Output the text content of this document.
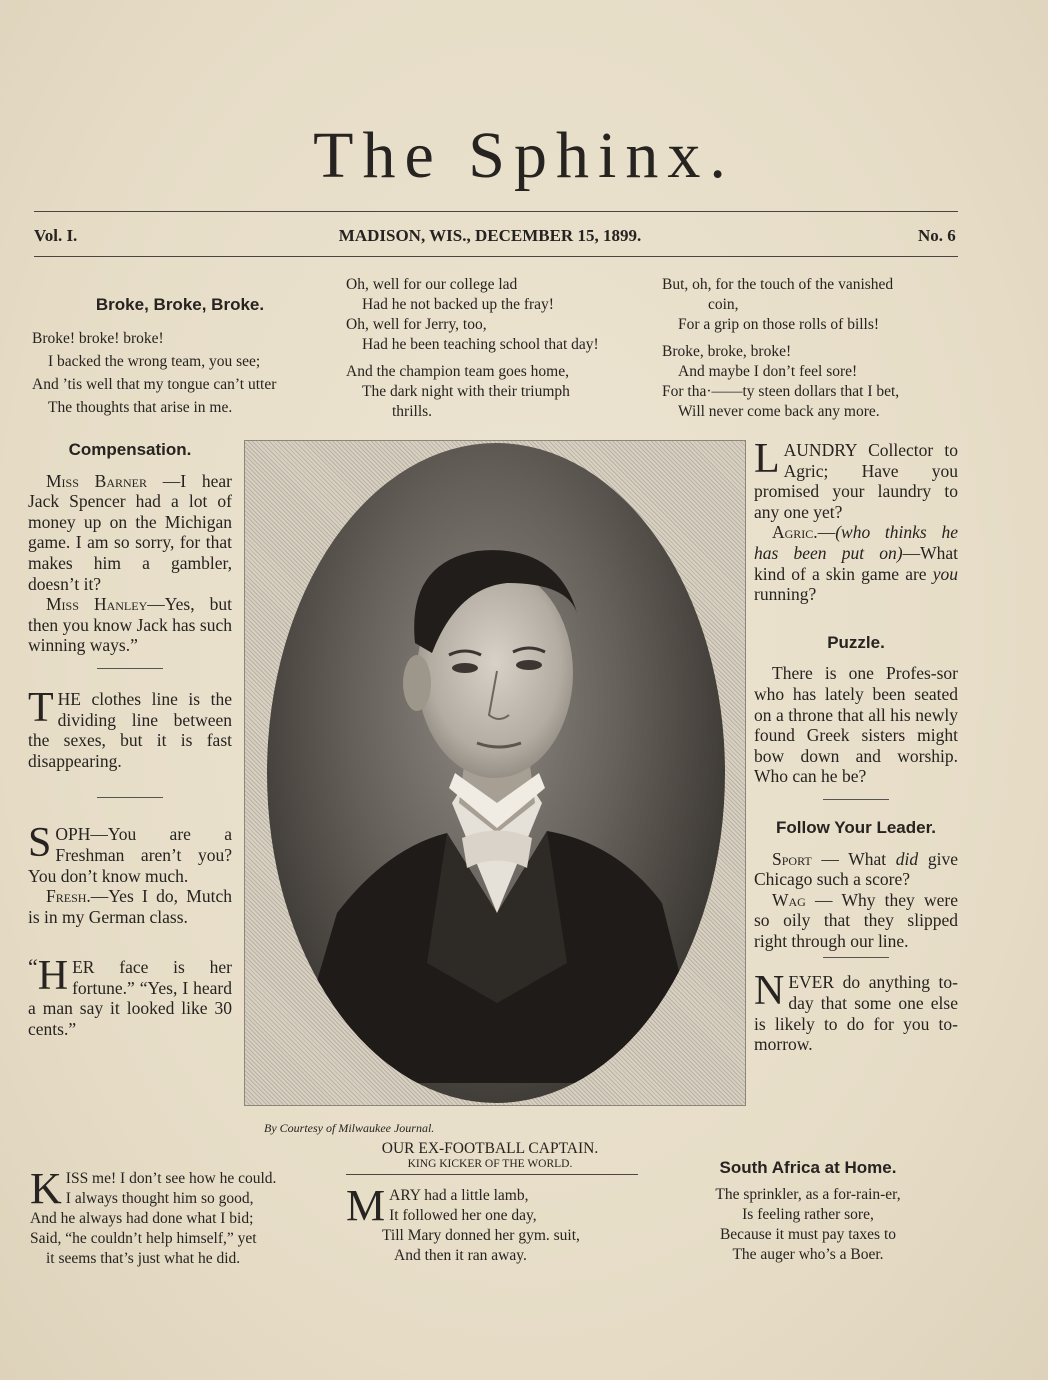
The Sphinx.
Vol. I.	MADISON, WIS., DECEMBER 15, 1899.	No. 6
Broke, Broke, Broke.
Broke! broke! broke!
I backed the wrong team, you see;
And ’tis well that my tongue can’t utter
The thoughts that arise in me.
Oh, well for our college lad
Had he not backed up the fray!
Oh, well for Jerry, too,
Had he been teaching school that day!
And the champion team goes home,
The dark night with their triumph
thrills.
But, oh, for the touch of the vanished
coin,
For a grip on those rolls of bills!
Broke, broke, broke!
And maybe I don’t feel sore!
For tha·——ty steen dollars that I bet,
Will never come back any more.
Compensation.

Miss Barner —I hear Jack Spencer had a lot of money up on the Michigan game. I am so sorry, for that makes him a gambler, doesn’t it?

Miss Hanley—Yes, but then you know Jack has such winning ways.”

THE clothes line is the dividing line between the sexes, but it is fast disappearing.

SOPH—You are a Freshman aren’t you? You don’t know much.

Fresh.—Yes I do, Mutch is in my German class.

“ H ER face is her fortune.” “Yes, I heard a man say it looked like 30 cents.”

By Courtesy of Milwaukee Journal.
OUR EX-FOOTBALL CAPTAIN.
KING KICKER OF THE WORLD.
K ISS me! I don’t see how he could.
I always thought him so good,
And he always had done what I bid;
Said, “he couldn’t help himself,” yet
it seems that’s just what he did.
M ARY had a little lamb,
It followed her one day,
Till Mary donned her gym. suit,
And then it ran away.

LAUNDRY Collector to Agric; Have you promised your laundry to any one yet?

Agric.—(who thinks he has been put on)—What kind of a skin game are you running?

Puzzle.

There is one Profes-sor who has lately been seated on a throne that all his newly found Greek sisters might bow down and worship. Who can he be?

Follow Your Leader.

Sport — What did give Chicago such a score?

Wag — Why they were so oily that they slipped right through our line.

NEVER do anything to-day that some one else is likely to do for you to-morrow.

South Africa at Home.
The sprinkler, as a for-rain-er,
Is feeling rather sore,
Because it must pay taxes to
The auger who’s a Boer.
